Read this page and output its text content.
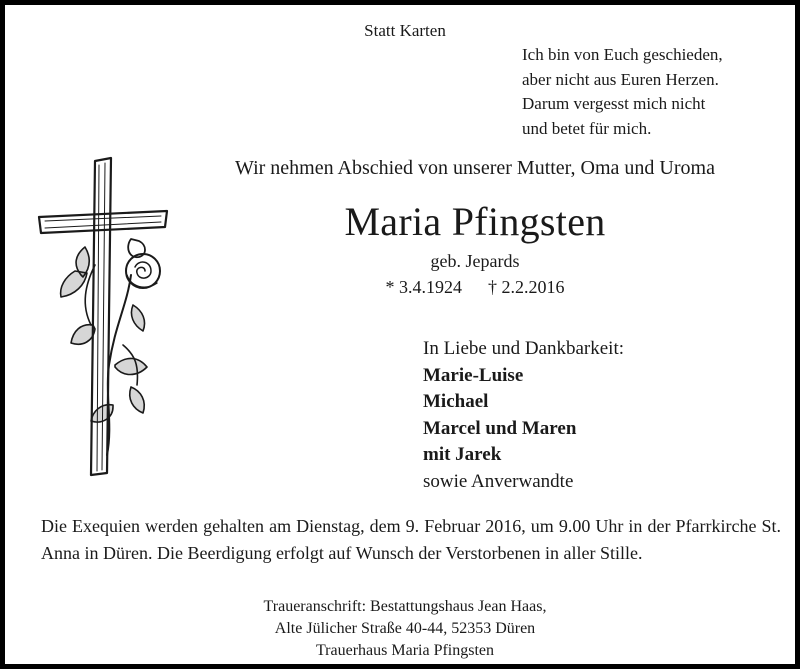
Statt Karten
Ich bin von Euch geschieden,
aber nicht aus Euren Herzen.
Darum vergesst mich nicht
und betet für mich.
Wir nehmen Abschied von unserer Mutter, Oma und Uroma
Maria Pfingsten
geb. Jepards
* 3.4.1924 † 2.2.2016
In Liebe und Dankbarkeit:
Marie-Luise
Michael
Marcel und Maren
mit Jarek
sowie Anverwandte
Die Exequien werden gehalten am Dienstag, dem 9. Februar 2016, um 9.00 Uhr in der Pfarrkirche St. Anna in Düren. Die Beerdigung erfolgt auf Wunsch der Verstorbenen in aller Stille.
Traueranschrift: Bestattungshaus Jean Haas,
Alte Jülicher Straße 40-44, 52353 Düren
Trauerhaus Maria Pfingsten
